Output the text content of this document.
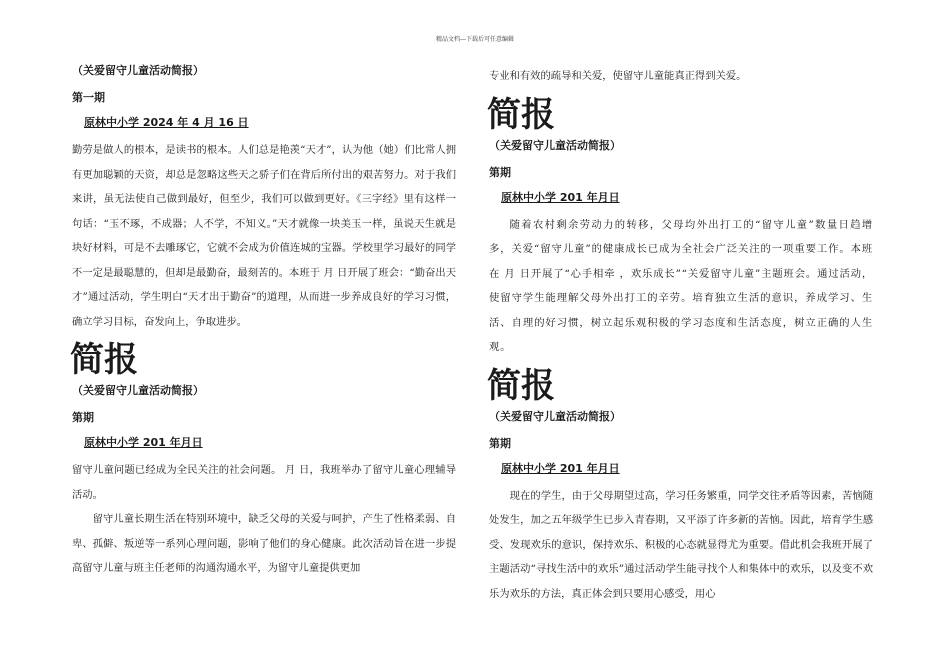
精品文档---下载后可任意编辑
（关爱留守儿童活动简报）
第一期
原林中小学 2024 年 4 月 16 日

勤劳是做人的根本，是读书的根本。人们总是艳羡“天才”，认为他（她）们比常人拥有更加聪颖的天资，却总是忽略这些天之骄子们在背后所付出的艰苦努力。对于我们来讲，虽无法使自己做到最好，但至少，我们可以做到更好。《三字经》里有这样一句话：“玉不琢，不成器；人不学，不知义。”天才就像一块美玉一样，虽说天生就是块好材料，可是不去雕琢它，它就不会成为价值连城的宝器。学校里学习最好的同学不一定是最聪慧的，但却是最勤奋，最刻苦的。本班于 月 日开展了班会：“勤奋出天才”通过活动，学生明白“天才出于勤奋”的道理，从而进一步养成良好的学习习惯，确立学习目标，奋发向上，争取进步。

简报
（关爱留守儿童活动简报）
第期
原林中小学 201 年月日

留守儿童问题已经成为全民关注的社会问题。 月 日，我班举办了留守儿童心理辅导活动。

留守儿童长期生活在特别环境中，缺乏父母的关爱与呵护，产生了性格柔弱、自卑、孤僻、叛逆等一系列心理问题，影响了他们的身心健康。此次活动旨在进一步提高留守儿童与班主任老师的沟通沟通水平，为留守儿童提供更加

专业和有效的疏导和关爱，使留守儿童能真正得到关爱。

简报
（关爱留守儿童活动简报）
第期
原林中小学 201 年月日

随着农村剩余劳动力的转移，父母均外出打工的“留守儿童”数量日趋增多，关爱“留守儿童”的健康成长已成为全社会广泛关注的一项重要工作。本班在 月 日开展了“心手相牵 ，欢乐成长”“关爱留守儿童”主题班会。通过活动，使留守学生能理解父母外出打工的辛劳。培育独立生活的意识，养成学习、生活、自理的好习惯，树立起乐观积极的学习态度和生活态度，树立正确的人生观。

简报
（关爱留守儿童活动简报）
第期
原林中小学 201 年月日

现在的学生，由于父母期望过高，学习任务繁重，同学交往矛盾等因素，苦恼随处发生，加之五年级学生已步入青春期，又平添了许多新的苦恼。因此，培育学生感受、发现欢乐的意识，保持欢乐、积极的心态就显得尤为重要。借此机会我班开展了主题活动“寻找生活中的欢乐”通过活动学生能寻找个人和集体中的欢乐，以及变不欢乐为欢乐的方法，真正体会到只要用心感受，用心
